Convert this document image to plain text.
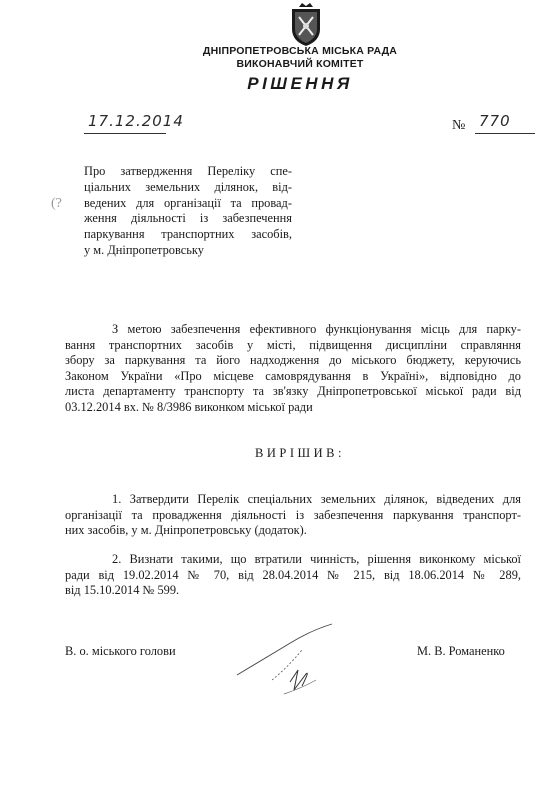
ДНІПРОПЕТРОВСЬКА МІСЬКА РАДА
ВИКОНАВЧИЙ КОМІТЕТ
РІШЕННЯ
17.12.2014	№ 770
(?
Про затвердження Переліку спе-
ціальних земельних ділянок, від-
ведених для організації та провад-
ження діяльності із забезпечення
паркування транспортних засобів,
у м. Дніпропетровську
З метою забезпечення ефективного функціонування місць для парку-
вання транспортних засобів у місті, підвищення дисципліни справляння
збору за паркування та його надходження до міського бюджету, керуючись
Законом України «Про місцеве самоврядування в Україні», відповідно до
листа департаменту транспорту та зв'язку Дніпропетровської міської ради від
03.12.2014 вх. № 8/3986 виконком міської ради
ВИРІШИВ:
1. Затвердити Перелік спеціальних земельних ділянок, відведених для
організації та провадження діяльності із забезпечення паркування транспорт-
них засобів, у м. Дніпропетровську (додаток).
2. Визнати такими, що втратили чинність, рішення виконкому міської
ради від 19.02.2014 № 70, від 28.04.2014 № 215, від 18.06.2014 № 289,
від 15.10.2014 № 599.
В. о. міського голови	М. В. Романенко
